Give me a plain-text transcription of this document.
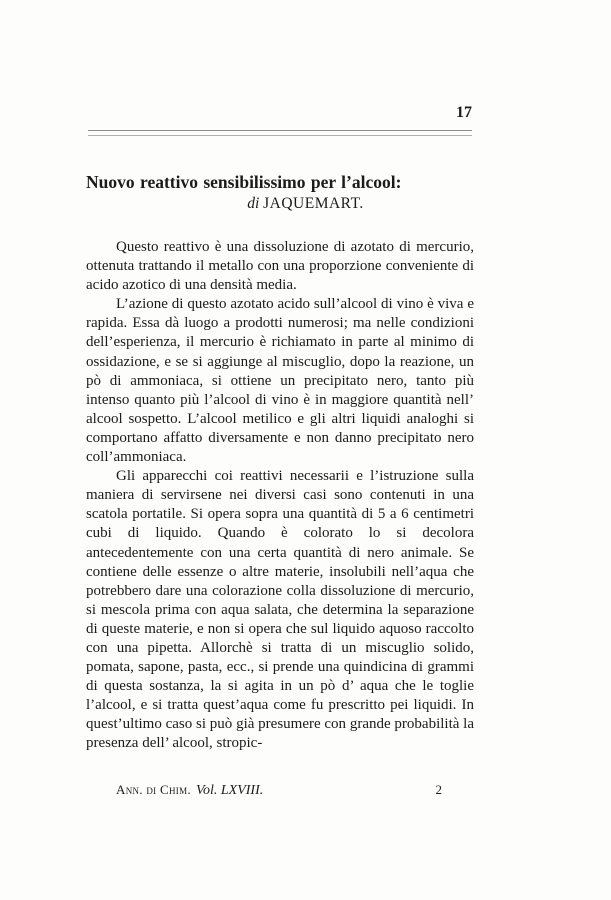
17
Nuovo reattivo sensibilissimo per l’alcool:
di JAQUEMART.

Questo reattivo è una dissoluzione di azotato di mercurio, ottenuta trattando il metallo con una proporzione conveniente di acido azotico di una densità media.

L’azione di questo azotato acido sull’alcool di vino è viva e rapida. Essa dà luogo a prodotti numerosi; ma nelle condizioni dell’esperienza, il mercurio è richiamato in parte al minimo di ossidazione, e se si aggiunge al miscuglio, dopo la reazione, un pò di ammoniaca, si ottiene un precipitato nero, tanto più intenso quanto più l’alcool di vino è in maggiore quantità nell’ alcool sospetto. L’alcool metilico e gli altri liquidi analoghi si comportano affatto diversamente e non danno precipitato nero coll’ammoniaca.

Gli apparecchi coi reattivi necessarii e l’istruzione sulla maniera di servirsene nei diversi casi sono contenuti in una scatola portatile. Si opera sopra una quantità di 5 a 6 centimetri cubi di liquido. Quando è colorato lo si decolora antecedentemente con una certa quantità di nero animale. Se contiene delle essenze o altre materie, insolubili nell’aqua che potrebbero dare una colorazione colla dissoluzione di mercurio, si mescola prima con aqua salata, che determina la separazione di queste materie, e non si opera che sul liquido aquoso raccolto con una pipetta. Allorchè si tratta di un miscuglio solido, pomata, sapone, pasta, ecc., si prende una quindicina di grammi di questa sostanza, la si agita in un pò d’ aqua che le toglie l’alcool, e si tratta quest’aqua come fu prescritto pei liquidi. In quest’ultimo caso si può già presumere con grande probabilità la presenza dell’ alcool, stropic-

Ann. di Chim. Vol. LXVIII.	2
